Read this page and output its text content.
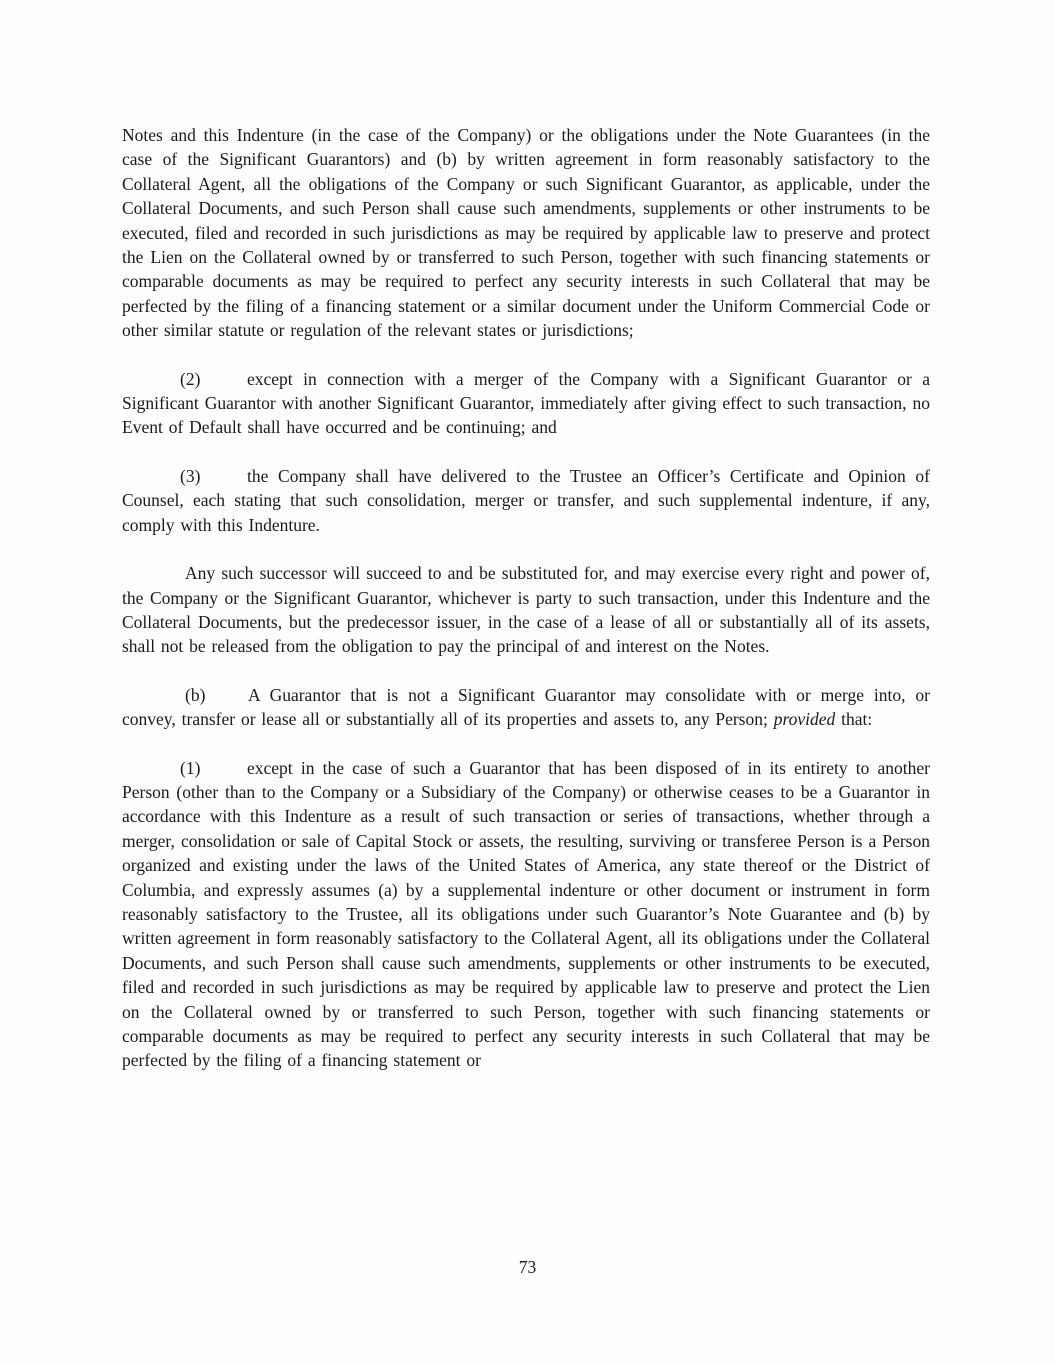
Notes and this Indenture (in the case of the Company) or the obligations under the Note Guarantees (in the case of the Significant Guarantors) and (b) by written agreement in form reasonably satisfactory to the Collateral Agent, all the obligations of the Company or such Significant Guarantor, as applicable, under the Collateral Documents, and such Person shall cause such amendments, supplements or other instruments to be executed, filed and recorded in such jurisdictions as may be required by applicable law to preserve and protect the Lien on the Collateral owned by or transferred to such Person, together with such financing statements or comparable documents as may be required to perfect any security interests in such Collateral that may be perfected by the filing of a financing statement or a similar document under the Uniform Commercial Code or other similar statute or regulation of the relevant states or jurisdictions;

(2)	except in connection with a merger of the Company with a Significant Guarantor or a Significant Guarantor with another Significant Guarantor, immediately after giving effect to such transaction, no Event of Default shall have occurred and be continuing; and

(3)	the Company shall have delivered to the Trustee an Officer’s Certificate and Opinion of Counsel, each stating that such consolidation, merger or transfer, and such supplemental indenture, if any, comply with this Indenture.

Any such successor will succeed to and be substituted for, and may exercise every right and power of, the Company or the Significant Guarantor, whichever is party to such transaction, under this Indenture and the Collateral Documents, but the predecessor issuer, in the case of a lease of all or substantially all of its assets, shall not be released from the obligation to pay the principal of and interest on the Notes.

(b) A Guarantor that is not a Significant Guarantor may consolidate with or merge into, or convey, transfer or lease all or substantially all of its properties and assets to, any Person; provided that:

(1)	except in the case of such a Guarantor that has been disposed of in its entirety to another Person (other than to the Company or a Subsidiary of the Company) or otherwise ceases to be a Guarantor in accordance with this Indenture as a result of such transaction or series of transactions, whether through a merger, consolidation or sale of Capital Stock or assets, the resulting, surviving or transferee Person is a Person organized and existing under the laws of the United States of America, any state thereof or the District of Columbia, and expressly assumes (a) by a supplemental indenture or other document or instrument in form reasonably satisfactory to the Trustee, all its obligations under such Guarantor’s Note Guarantee and (b) by written agreement in form reasonably satisfactory to the Collateral Agent, all its obligations under the Collateral Documents, and such Person shall cause such amendments, supplements or other instruments to be executed, filed and recorded in such jurisdictions as may be required by applicable law to preserve and protect the Lien on the Collateral owned by or transferred to such Person, together with such financing statements or comparable documents as may be required to perfect any security interests in such Collateral that may be perfected by the filing of a financing statement or

73
